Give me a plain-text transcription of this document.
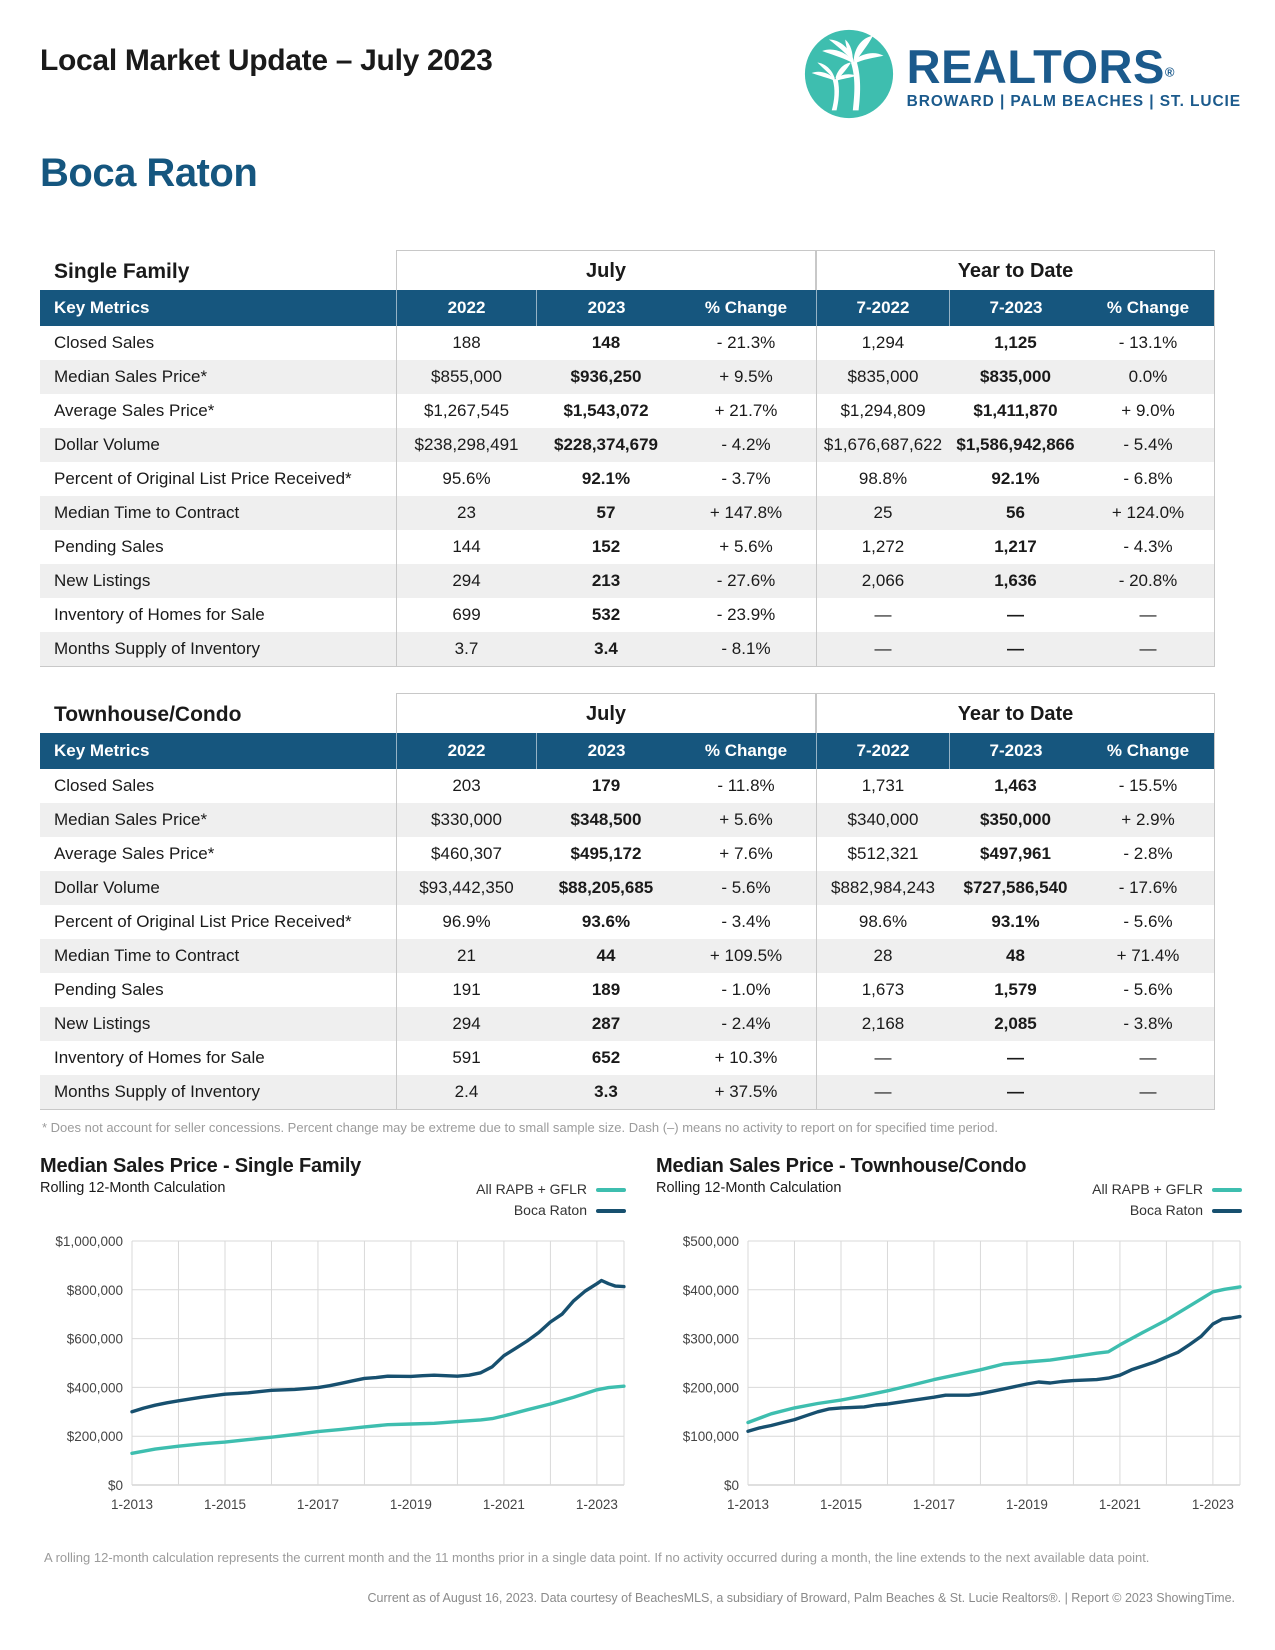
Local Market Update – July 2023	REALTORS®
BROWARD | PALM BEACHES | ST. LUCIE
Boca Raton
Single Family	July	Year to Date
Key Metrics	2022	2023	% Change	7-2022	7-2023	% Change
Closed Sales	188	148	- 21.3%	1,294	1,125	- 13.1%
Median Sales Price*	$855,000	$936,250	+ 9.5%	$835,000	$835,000	0.0%
Average Sales Price*	$1,267,545	$1,543,072	+ 21.7%	$1,294,809	$1,411,870	+ 9.0%
Dollar Volume	$238,298,491	$228,374,679	- 4.2%	$1,676,687,622 $1,586,942,866	- 5.4%
Percent of Original List Price Received*	95.6%	92.1%	- 3.7%	98.8%	92.1%	- 6.8%
Median Time to Contract	23	57	+ 147.8%	25	56	+ 124.0%
Pending Sales	144	152	+ 5.6%	1,272	1,217	- 4.3%
New Listings	294	213	- 27.6%	2,066	1,636	- 20.8%
Inventory of Homes for Sale	699	532	- 23.9%	—	—	—
Months Supply of Inventory	3.7	3.4	- 8.1%	—	—	—
Townhouse/Condo	July	Year to Date
Key Metrics	2022	2023	% Change	7-2022	7-2023	% Change
Closed Sales	203	179	- 11.8%	1,731	1,463	- 15.5%
Median Sales Price*	$330,000	$348,500	+ 5.6%	$340,000	$350,000	+ 2.9%
Average Sales Price*	$460,307	$495,172	+ 7.6%	$512,321	$497,961	- 2.8%
Dollar Volume	$93,442,350	$88,205,685	- 5.6%	$882,984,243	$727,586,540	- 17.6%
Percent of Original List Price Received*	96.9%	93.6%	- 3.4%	98.6%	93.1%	- 5.6%
Median Time to Contract	21	44	+ 109.5%	28	48	+ 71.4%
Pending Sales	191	189	- 1.0%	1,673	1,579	- 5.6%
New Listings	294	287	- 2.4%	2,168	2,085	- 3.8%
Inventory of Homes for Sale	591	652	+ 10.3%	—	—	—
Months Supply of Inventory	2.4	3.3	+ 37.5%	—	—	—
* Does not account for seller concessions. Percent change may be extreme due to small sample size. Dash (–) means no activity to report on for specified time period.
Median Sales Price - Single Family
Rolling 12-Month Calculation	All RAPB + GFLR
Boca Raton
$0
$200,000
$400,000
$600,000
$800,000
$1,000,000
1-2013	1-2015	1-2017	1-2019	1-2021	1-2023
Median Sales Price - Townhouse/Condo
Rolling 12-Month Calculation	All RAPB + GFLR
Boca Raton
$0
$100,000
$200,000
$300,000
$400,000
$500,000
1-2013	1-2015	1-2017	1-2019	1-2021	1-2023
A rolling 12-month calculation represents the current month and the 11 months prior in a single data point. If no activity occurred during a month, the line extends to the next available data point.
Current as of August 16, 2023. Data courtesy of BeachesMLS, a subsidiary of Broward, Palm Beaches & St. Lucie Realtors®. | Report © 2023 ShowingTime.
